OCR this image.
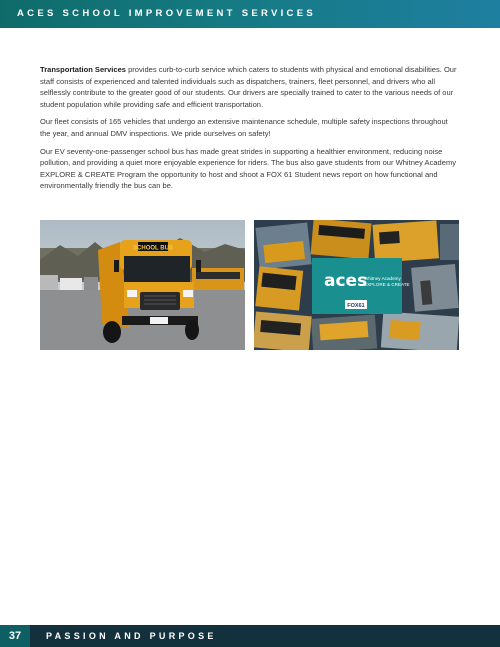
ACES SCHOOL IMPROVEMENT SERVICES

Transportation Services provides curb-to-curb service which caters to students with physical and emotional disabilities. Our staff consists of experienced and talented individuals such as dispatchers, trainers, fleet personnel, and drivers who all selflessly contribute to the greater good of our students. Our drivers are specially trained to cater to the various needs of our student population while providing safe and efficient transportation.

Our fleet consists of 165 vehicles that undergo an extensive maintenance schedule, multiple safety inspections throughout the year, and annual DMV inspections. We pride ourselves on safety!

Our EV seventy-one-passenger school bus has made great strides in supporting a healthier environment, reducing noise pollution, and providing a quiet more enjoyable experience for riders. The bus also gave students from our Whitney Academy EXPLORE & CREATE Program the opportunity to host and shoot a FOX 61 Student news report on how functional and environmentally friendly the bus can be.

SCHOOL BUS
aces
Whitney Academy
EXPLORE & CREATE
FOX61
37	PASSION AND PURPOSE
